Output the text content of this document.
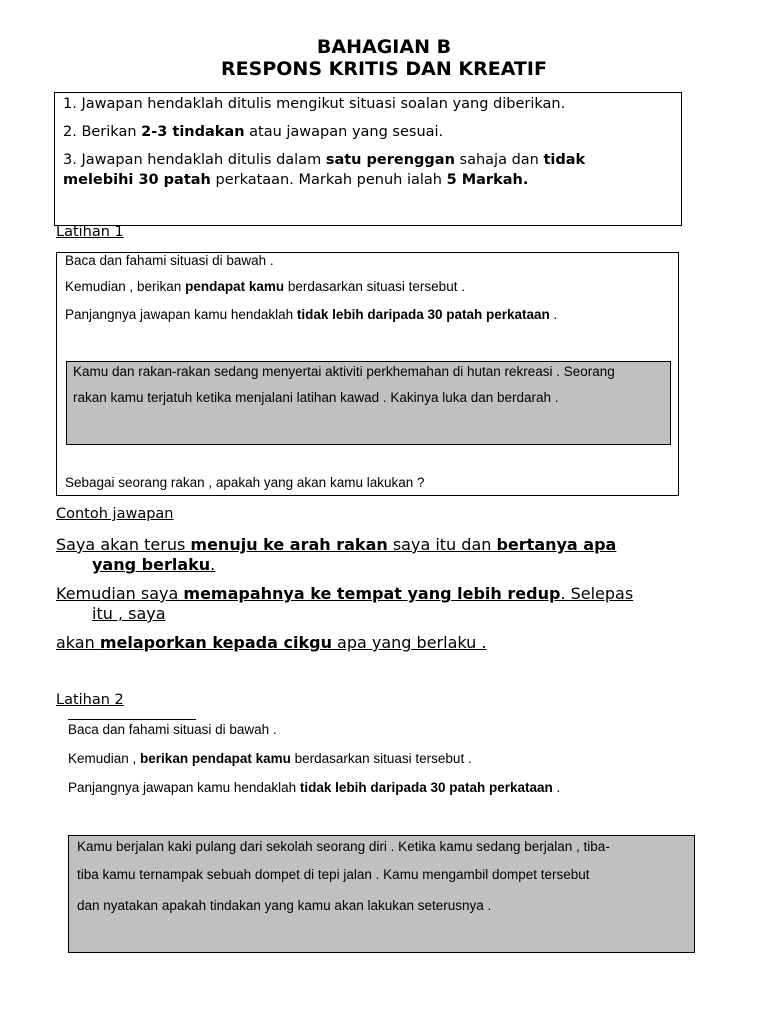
BAHAGIAN B
RESPONS KRITIS DAN KREATIF
1. Jawapan hendaklah ditulis mengikut situasi soalan yang diberikan.
2. Berikan 2-3 tindakan atau jawapan yang sesuai.
3. Jawapan hendaklah ditulis dalam satu perenggan sahaja dan tidak
melebihi 30 patah perkataan. Markah penuh ialah 5 Markah.
Latihan 1
Baca dan fahami situasi di bawah .
Kemudian , berikan pendapat kamu berdasarkan situasi tersebut .
Panjangnya jawapan kamu hendaklah tidak lebih daripada 30 patah perkataan .
Kamu dan rakan-rakan sedang menyertai aktiviti perkhemahan di hutan rekreasi . Seorang
rakan kamu terjatuh ketika menjalani latihan kawad . Kakinya luka dan berdarah .
Sebagai seorang rakan , apakah yang akan kamu lakukan ?
Contoh jawapan
Saya akan terus menuju ke arah rakan saya itu dan bertanya apa
yang berlaku.
Kemudian saya memapahnya ke tempat yang lebih redup. Selepas
itu , saya
akan melaporkan kepada cikgu apa yang berlaku .
Latihan 2
Baca dan fahami situasi di bawah .
Kemudian , berikan pendapat kamu berdasarkan situasi tersebut .
Panjangnya jawapan kamu hendaklah tidak lebih daripada 30 patah perkataan .
Kamu berjalan kaki pulang dari sekolah seorang diri . Ketika kamu sedang berjalan , tiba-
tiba kamu ternampak sebuah dompet di tepi jalan . Kamu mengambil dompet tersebut
dan nyatakan apakah tindakan yang kamu akan lakukan seterusnya .
